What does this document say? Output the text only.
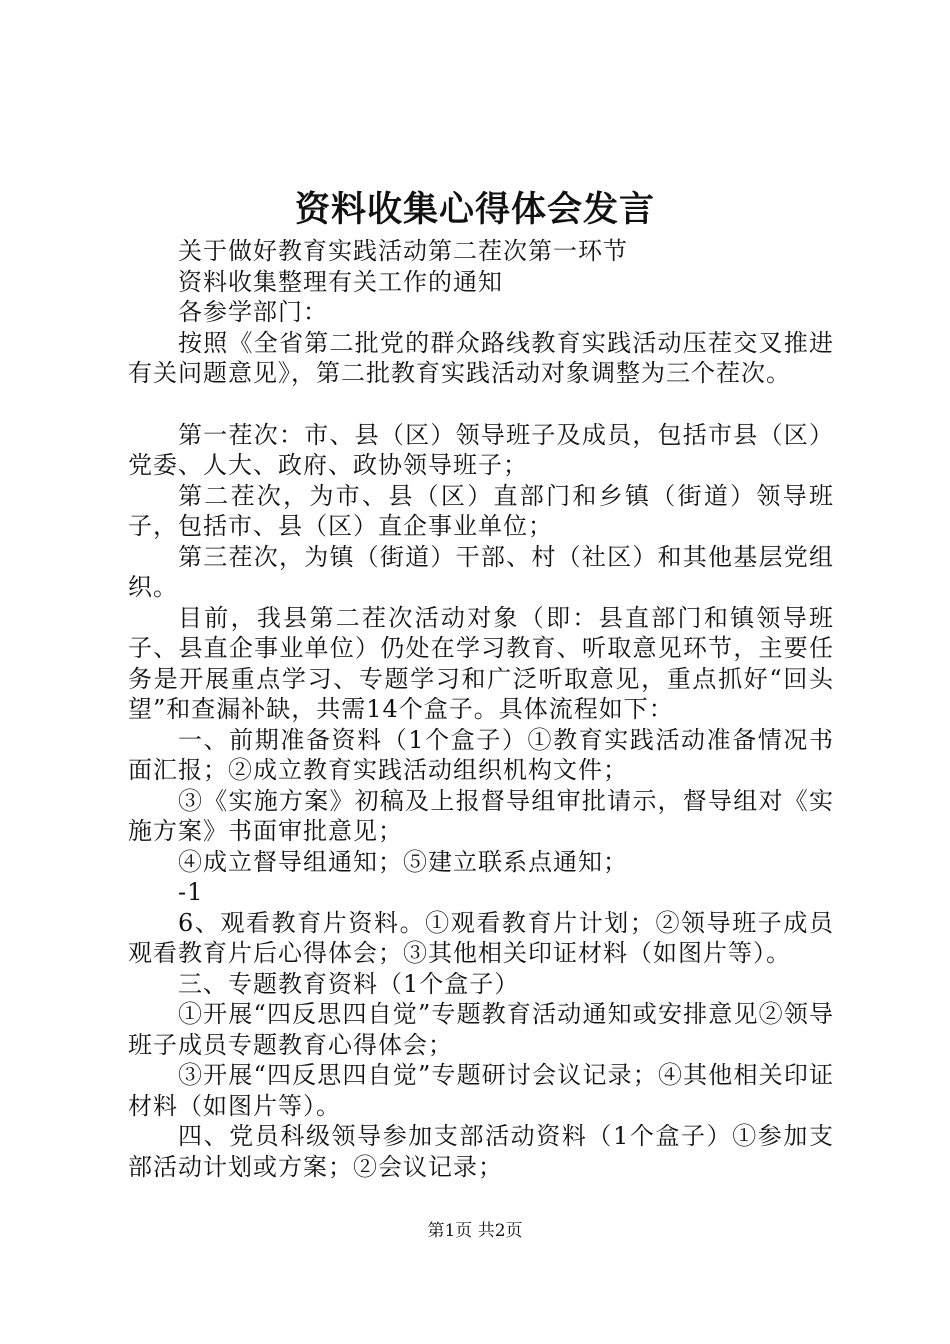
资料收集心得体会发言

关于做好教育实践活动第二茬次第一环节

资料收集整理有关工作的通知

各参学部门：

按照《全省第二批党的群众路线教育实践活动压茬交叉推进有关问题意见》，第二批教育实践活动对象调整为三个茬次。

第一茬次：市、县（区）领导班子及成员，包括市县（区）党委、人大、政府、政协领导班子；

第二茬次，为市、县（区）直部门和乡镇（街道）领导班子，包括市、县（区）直企事业单位；

第三茬次，为镇（街道）干部、村（社区）和其他基层党组织。

目前，我县第二茬次活动对象（即：县直部门和镇领导班子、县直企事业单位）仍处在学习教育、听取意见环节，主要任务是开展重点学习、专题学习和广泛听取意见，重点抓好“回头望”和查漏补缺，共需14个盒子。具体流程如下：

一、前期准备资料（1个盒子）①教育实践活动准备情况书面汇报；②成立教育实践活动组织机构文件；

③《实施方案》初稿及上报督导组审批请示，督导组对《实施方案》书面审批意见；

④成立督导组通知；⑤建立联系点通知；

-1

6、观看教育片资料。①观看教育片计划；②领导班子成员观看教育片后心得体会；③其他相关印证材料（如图片等）。

三、专题教育资料（1个盒子）

①开展“四反思四自觉”专题教育活动通知或安排意见②领导班子成员专题教育心得体会；

③开展“四反思四自觉”专题研讨会议记录；④其他相关印证材料（如图片等）。

四、党员科级领导参加支部活动资料（1个盒子）①参加支部活动计划或方案；②会议记录；

第1页 共2页
